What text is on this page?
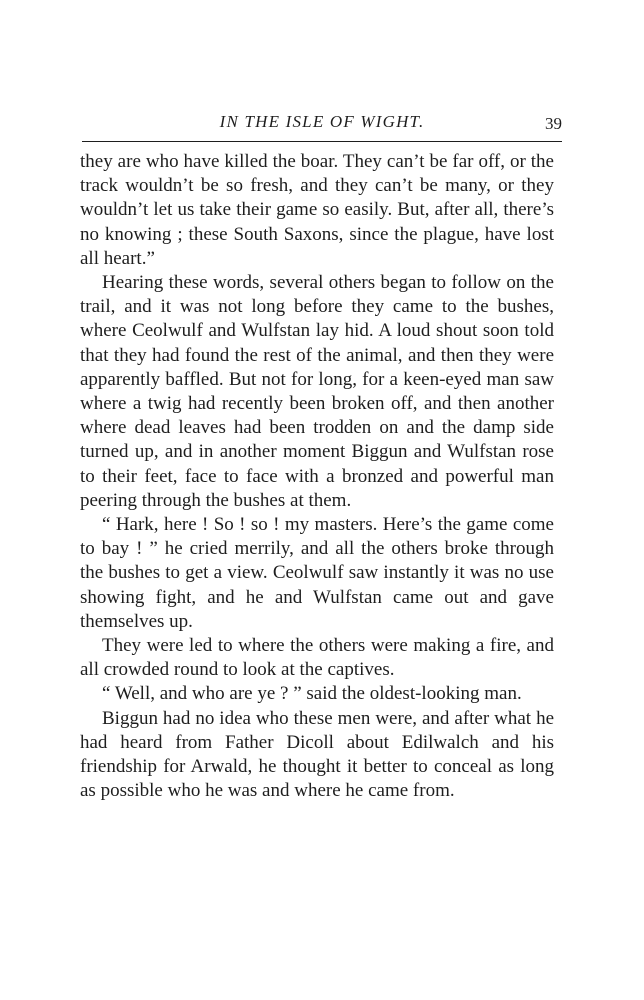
IN THE ISLE OF WIGHT.	39

they are who have killed the boar. They can’t be far off, or the track wouldn’t be so fresh, and they can’t be many, or they wouldn’t let us take their game so easily. But, after all, there’s no knowing ; these South Saxons, since the plague, have lost all heart.”

Hearing these words, several others began to follow on the trail, and it was not long before they came to the bushes, where Ceolwulf and Wulfstan lay hid. A loud shout soon told that they had found the rest of the animal, and then they were apparently baffled. But not for long, for a keen-eyed man saw where a twig had recently been broken off, and then another where dead leaves had been trodden on and the damp side turned up, and in another moment Biggun and Wulfstan rose to their feet, face to face with a bronzed and powerful man peering through the bushes at them.

“ Hark, here ! So ! so ! my masters. Here’s the game come to bay ! ” he cried merrily, and all the others broke through the bushes to get a view. Ceolwulf saw instantly it was no use showing fight, and he and Wulfstan came out and gave themselves up.

They were led to where the others were making a fire, and all crowded round to look at the captives.

“ Well, and who are ye ? ” said the oldest-looking man.

Biggun had no idea who these men were, and after what he had heard from Father Dicoll about Edilwalch and his friendship for Arwald, he thought it better to conceal as long as possible who he was and where he came from.
